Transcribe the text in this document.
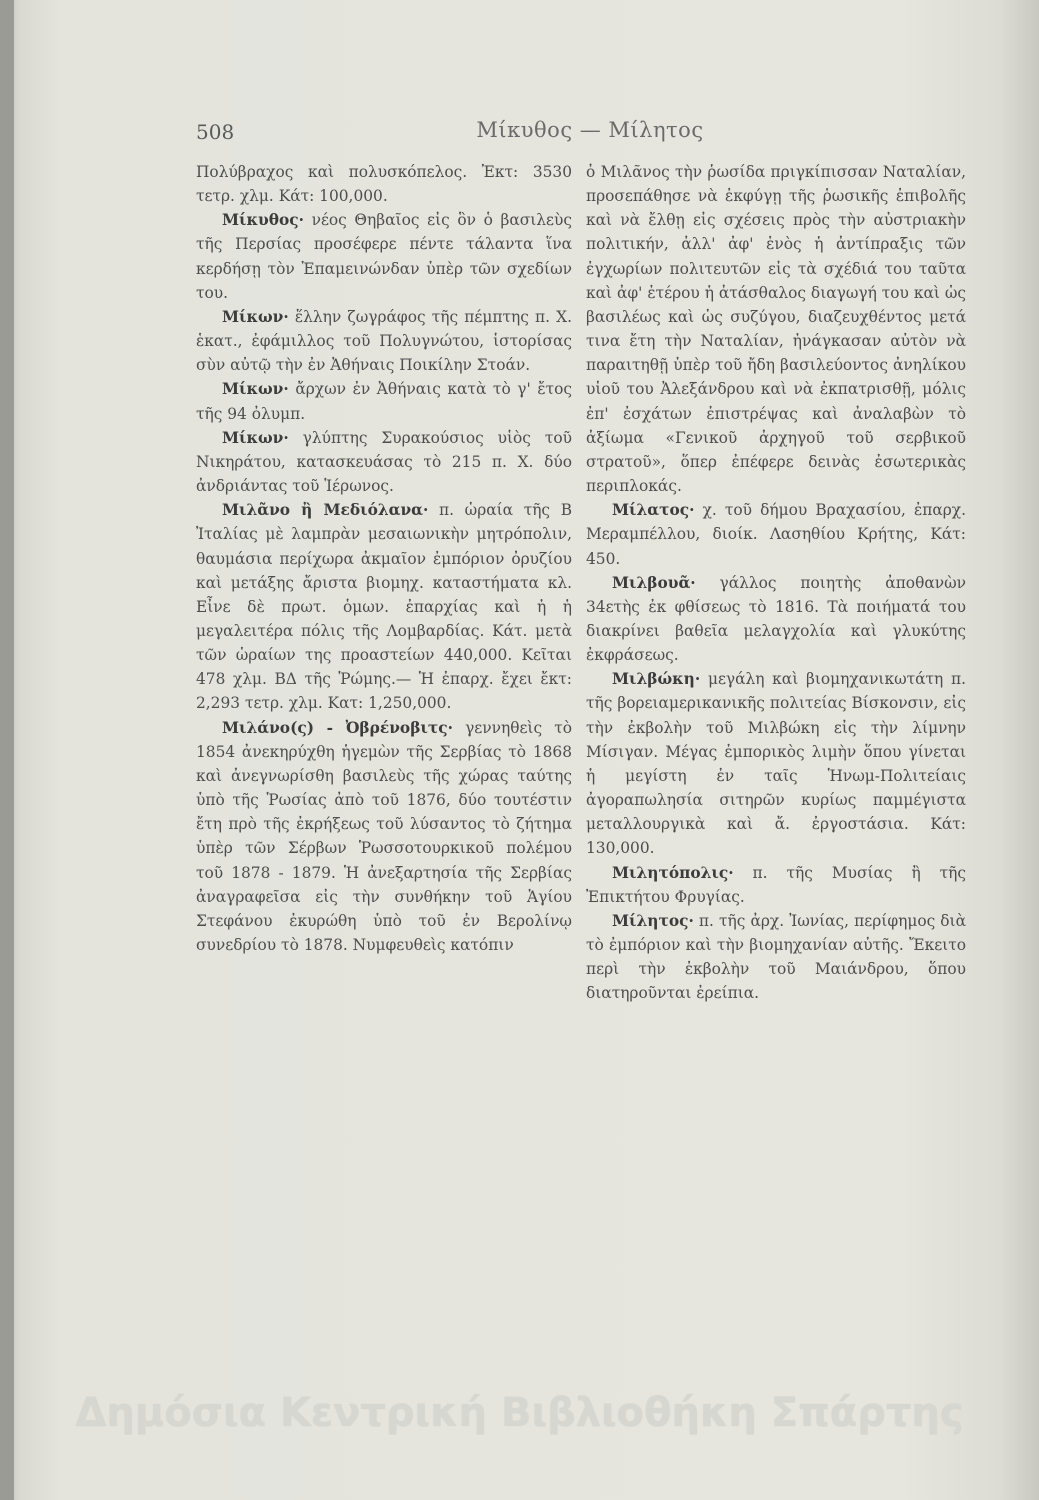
508	Μίκυθος — Μίλητος

Πολύβραχος καὶ πολυσκόπελος. Ἐκτ: 3530 τετρ. χλμ. Κάτ: 100,000.

Μίκυθος· νέος Θηβαῖος εἰς ὃν ὁ βασιλεὺς τῆς Περσίας προσέφερε πέντε τάλαντα ἵνα κερδήσῃ τὸν Ἐπαμεινώνδαν ὑπὲρ τῶν σχεδίων του.

Μίκων· ἕλλην ζωγράφος τῆς πέμπτης π. Χ. ἑκατ., ἐφάμιλλος τοῦ Πολυγνώτου, ἱστορίσας σὺν αὐτῷ τὴν ἐν Ἀθήναις Ποικίλην Στοάν.

Μίκων· ἄρχων ἐν Ἀθήναις κατὰ τὸ γ' ἔτος τῆς 94 ὀλυμπ.

Μίκων· γλύπτης Συρακούσιος υἱὸς τοῦ Νικηράτου, κατασκευάσας τὸ 215 π. Χ. δύο ἀνδριάντας τοῦ Ἱέρωνος.

Μιλᾶνο ἢ Μεδιόλανα· π. ὡραία τῆς Β Ἰταλίας μὲ λαμπρὰν μεσαιωνικὴν μητρόπολιν, θαυμάσια περίχωρα ἀκμαῖον ἐμπόριον ὀρυζίου καὶ μετάξης ἄριστα βιομηχ. καταστήματα κλ. Εἶνε δὲ πρωτ. ὁμων. ἐπαρχίας καὶ ἡ ἡ μεγαλειτέρα πόλις τῆς Λομβαρδίας. Κάτ. μετὰ τῶν ὡραίων της προαστείων 440,000. Κεῖται 478 χλμ. ΒΔ τῆς Ῥώμης.— Ἡ ἐπαρχ. ἔχει ἔκτ: 2,293 τετρ. χλμ. Κατ: 1,250,000.

Μιλάνο(ς) - Ὀβρένοβιτς· γεννηθεὶς τὸ 1854 ἀνεκηρύχθη ἡγεμὼν τῆς Σερβίας τὸ 1868 καὶ ἀνεγνωρίσθη βασιλεὺς τῆς χώρας ταύτης ὑπὸ τῆς Ῥωσίας ἀπὸ τοῦ 1876, δύο τουτέστιν ἔτη πρὸ τῆς ἐκρήξεως τοῦ λύσαντος τὸ ζήτημα ὑπὲρ τῶν Σέρβων Ῥωσσοτουρκικοῦ πολέμου τοῦ 1878 - 1879. Ἡ ἀνεξαρτησία τῆς Σερβίας ἀναγραφεῖσα εἰς τὴν συνθήκην τοῦ Ἁγίου Στεφάνου ἐκυρώθη ὑπὸ τοῦ ἐν Βερολίνῳ συνεδρίου τὸ 1878. Νυμφευθεὶς κατόπιν

ὁ Μιλᾶνος τὴν ῥωσίδα πριγκίπισσαν Ναταλίαν, προσεπάθησε νὰ ἐκφύγῃ τῆς ῥωσικῆς ἐπιβολῆς καὶ νὰ ἔλθῃ εἰς σχέσεις πρὸς τὴν αὐστριακὴν πολιτικήν, ἀλλ' ἀφ' ἑνὸς ἡ ἀντίπραξις τῶν ἐγχωρίων πολιτευτῶν εἰς τὰ σχέδιά του ταῦτα καὶ ἀφ' ἑτέρου ἡ ἀτάσθαλος διαγωγή του καὶ ὡς βασιλέως καὶ ὡς συζύγου, διαζευχθέντος μετά τινα ἔτη τὴν Ναταλίαν, ἠνάγκασαν αὐτὸν νὰ παραιτηθῇ ὑπὲρ τοῦ ἤδη βασιλεύοντος ἀνηλίκου υἱοῦ του Ἀλεξάνδρου καὶ νὰ ἐκπατρισθῇ, μόλις ἐπ' ἐσχάτων ἐπιστρέψας καὶ ἀναλαβὼν τὸ ἀξίωμα «Γενικοῦ ἀρχηγοῦ τοῦ σερβικοῦ στρατοῦ», ὅπερ ἐπέφερε δεινὰς ἐσωτερικὰς περιπλοκάς.

Μίλατος· χ. τοῦ δήμου Βραχασίου, ἐπαρχ. Μεραμπέλλου, διοίκ. Λασηθίου Κρήτης, Κάτ: 450.

Μιλβουᾶ· γάλλος ποιητὴς ἀποθανὼν 34ετὴς ἐκ φθίσεως τὸ 1816. Τὰ ποιήματά του διακρίνει βαθεῖα μελαγχολία καὶ γλυκύτης ἐκφράσεως.

Μιλβώκη· μεγάλη καὶ βιομηχανικωτάτη π. τῆς βορειαμερικανικῆς πολιτείας Βίσκονσιν, εἰς τὴν ἐκβολὴν τοῦ Μιλβώκη εἰς τὴν λίμνην Μίσιγαν. Μέγας ἐμπορικὸς λιμὴν ὅπου γίνεται ἡ μεγίστη ἐν ταῖς Ἡνωμ-Πολιτείαις ἀγοραπωλησία σιτηρῶν κυρίως παμμέγιστα μεταλλουργικὰ καὶ ἄ. ἐργοστάσια. Κάτ: 130,000.

Μιλητόπολις· π. τῆς Μυσίας ἢ τῆς Ἐπικτήτου Φρυγίας.

Μίλητος· π. τῆς ἀρχ. Ἰωνίας, περίφημος διὰ τὸ ἐμπόριον καὶ τὴν βιομηχανίαν αὐτῆς. Ἔκειτο περὶ τὴν ἐκβολὴν τοῦ Μαιάνδρου, ὅπου διατηροῦνται ἐρείπια.

Δημόσια Κεντρική Βιβλιοθήκη Σπάρτης
